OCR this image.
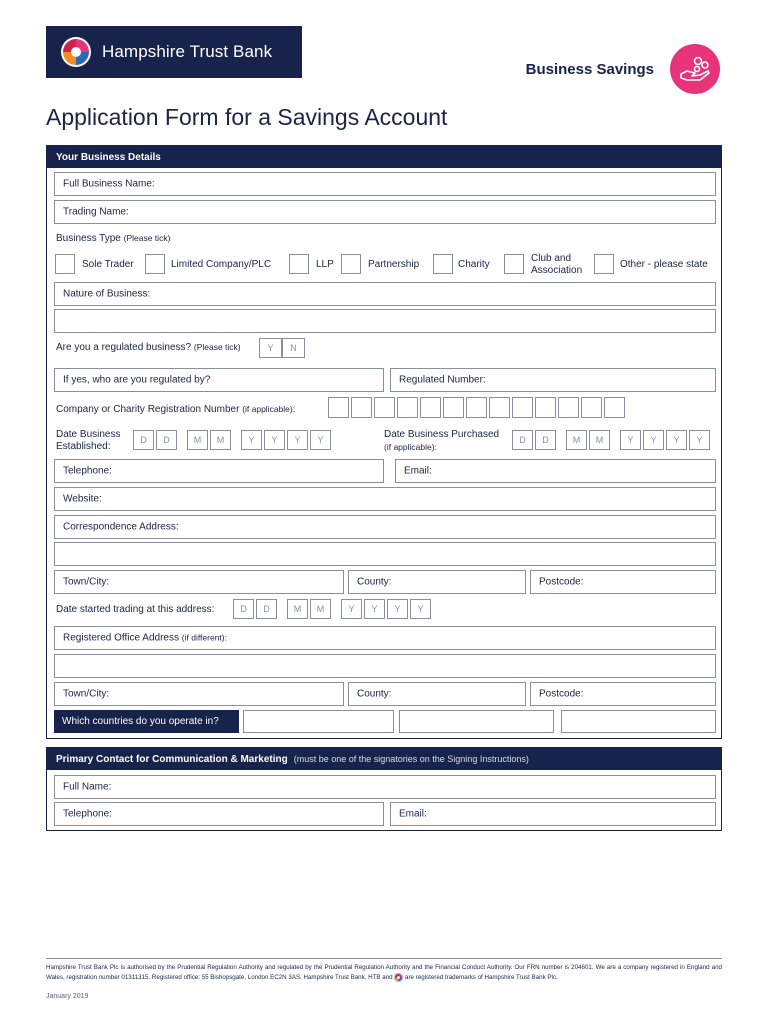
Hampshire Trust Bank
Business Savings
Application Form for a Savings Account
Your Business Details
Full Business Name:
Trading Name:
Business Type (Please tick)
Sole Trader	Limited Company/PLC	LLP	Partnership	Charity
Club and Association
Other - please state
Nature of Business:
Are you a regulated business? (Please tick)	Y	N
If yes, who are you regulated by?	Regulated Number:
Company or Charity Registration Number (if applicable):
Date Business
Established:
D	D	M	M	Y	Y	Y	Y	Date Business Purchased
(if applicable):
D	D	M	M	Y	Y	Y	Y
Telephone:	Email:
Website:
Correspondence Address:
Town/City:	County:	Postcode:
Date started trading at this address:	D	D	M	M	Y	Y	Y	Y
Registered Office Address (if different):
Town/City:	County:	Postcode:
Which countries do you operate in?
Primary Contact for Communication & Marketing (must be one of the signatories on the Signing Instructions)
Full Name:
Telephone:	Email:
Hampshire Trust Bank Plc is authorised by the Prudential Regulation Authority and regulated by the Prudential Regulation Authority and the Financial Conduct Authority. Our FRN number is 204601. We are a company registered in England and Wales, registration number 01311315. Registered office: 55 Bishopsgate, London EC2N 3AS. Hampshire Trust Bank, HTB and are registered trademarks of Hampshire Trust Bank Plc.
January 2019
